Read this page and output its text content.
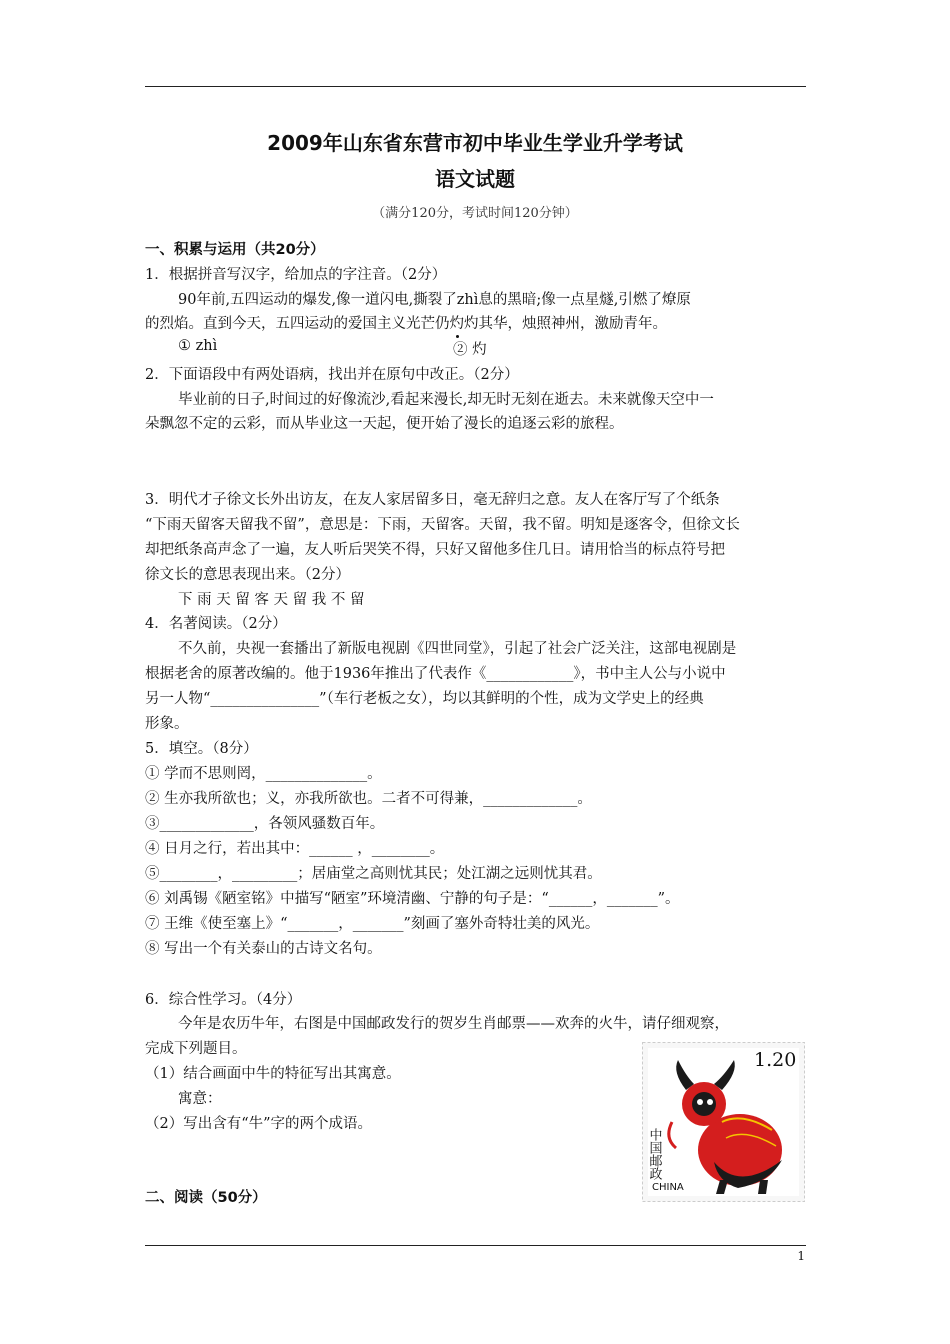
2009年山东省东营市初中毕业生学业升学考试
语文试题
（满分120分，考试时间120分钟）
一、积累与运用（共20分）
1．根据拼音写汉字，给加点的字注音。（2分）
90年前,五四运动的爆发,像一道闪电,撕裂了zhì息的黑暗;像一点星燧,引燃了燎原
的烈焰。直到今天，五四运动的爱国主义光芒仍灼灼其华，烛照神州，激励青年。
① zhì	② 灼
2．下面语段中有两处语病，找出并在原句中改正。（2分）
毕业前的日子,时间过的好像流沙,看起来漫长,却无时无刻在逝去。未来就像天空中一
朵飘忽不定的云彩，而从毕业这一天起，便开始了漫长的追逐云彩的旅程。
3．明代才子徐文长外出访友，在友人家居留多日，毫无辞归之意。友人在客厅写了个纸条
“下雨天留客天留我不留”，意思是：下雨，天留客。天留，我不留。明知是逐客令，但徐文长
却把纸条高声念了一遍，友人听后哭笑不得，只好又留他多住几日。请用恰当的标点符号把
徐文长的意思表现出来。（2分）
下 雨 天 留 客 天 留 我 不 留
4．名著阅读。（2分）
不久前，央视一套播出了新版电视剧《四世同堂》，引起了社会广泛关注，这部电视剧是
根据老舍的原著改编的。他于1936年推出了代表作《____________》，书中主人公与小说中
另一人物“_______________”（车行老板之女），均以其鲜明的个性，成为文学史上的经典
形象。
5．填空。（8分）
① 学而不思则罔，______________。
② 生亦我所欲也；义，亦我所欲也。二者不可得兼，_____________。
③_____________，各领风骚数百年。
④ 日月之行，若出其中：______ ，________。
⑤________，_________；居庙堂之高则忧其民；处江湖之远则忧其君。
⑥ 刘禹锡《陋室铭》中描写“陋室”环境清幽、宁静的句子是：“______，_______”。
⑦ 王维《使至塞上》“_______，_______”刻画了塞外奇特壮美的风光。
⑧ 写出一个有关泰山的古诗文名句。
6．综合性学习。（4分）
今年是农历牛年，右图是中国邮政发行的贺岁生肖邮票——欢奔的火牛，请仔细观察，
完成下列题目。
（1）结合画面中牛的特征写出其寓意。
寓意：
（2）写出含有“牛”字的两个成语。
1.20
中国邮政
CHINA
二、阅读（50分）
1
